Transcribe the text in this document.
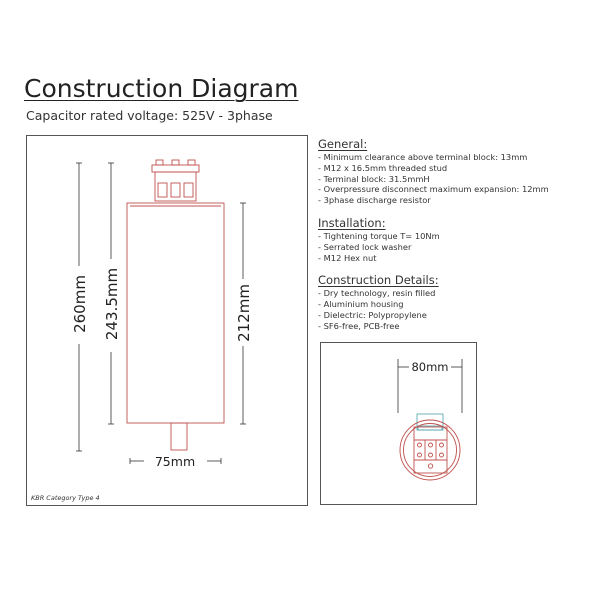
Construction Diagram
Capacitor rated voltage: 525V - 3phase
260mm 243.5mm	212mm
75mm
KBR Category Type 4
General:
- Minimum clearance above terminal block: 13mm
- M12 x 16.5mm threaded stud
- Terminal block: 31.5mmH
- Overpressure disconnect maximum expansion: 12mm
- 3phase discharge resistor
Installation:
- Tightening torque T= 10Nm
- Serrated lock washer
- M12 Hex nut
Construction Details:
- Dry technology, resin filled
- Aluminium housing
- Dielectric: Polypropylene
- SF6-free, PCB-free
80mm
